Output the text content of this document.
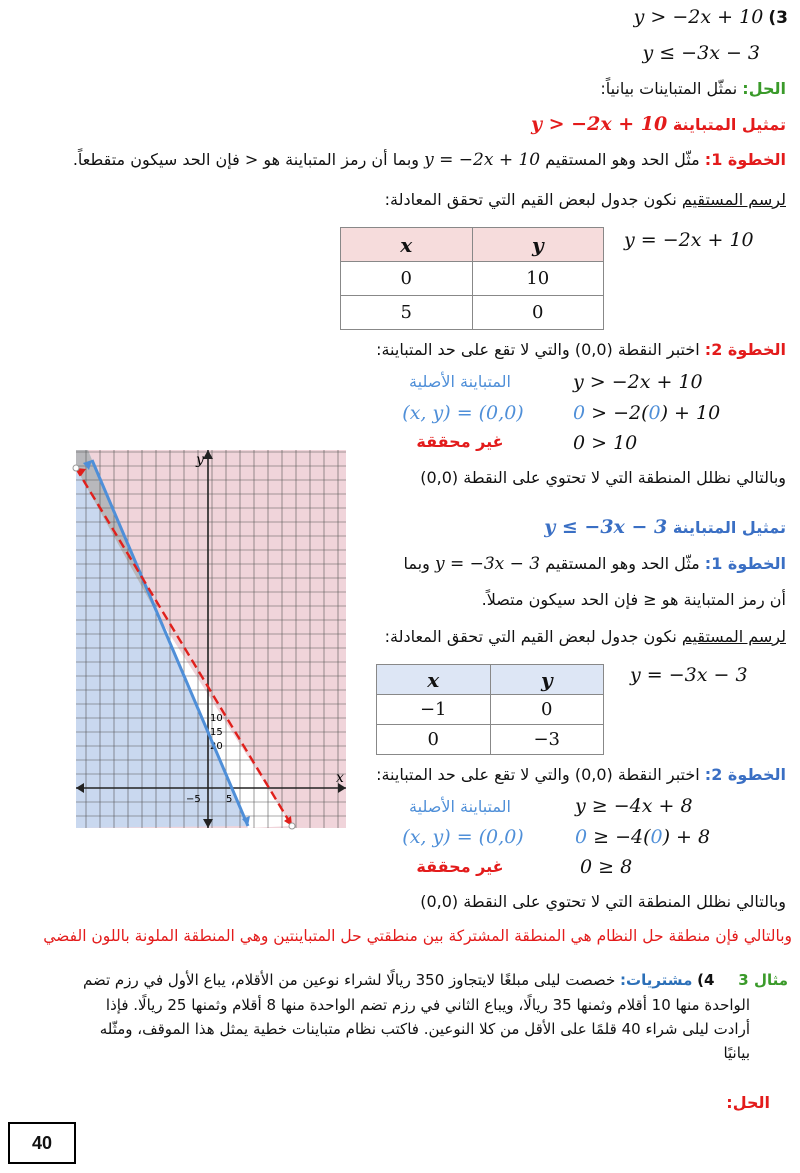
y > −2x + 10 (3
y ≤ −3x − 3
الحل: نمثّل المتباينات بيانياً:
تمثيل المتباينة y > −2x + 10
الخطوة 1: مثّل الحد وهو المستقيم y = −2x + 10 وبما أن رمز المتباينة هو < فإن الحد سيكون متقطعاً.
لرسم المستقيم نكون جدول لبعض القيم التي تحقق المعادلة:
x	y
0	10
5	0
y = −2x + 10
الخطوة 2: اختبر النقطة (0,0) والتي لا تقع على حد المتباينة:
المتباينة الأصلية	y > −2x + 10
(x, y) = (0,0)	0 > −2(0) + 10
غير محققة	0 > 10
وبالتالي نظلل المنطقة التي لا تحتوي على النقطة (0,0)
تمثيل المتباينة y ≤ −3x − 3
الخطوة 1: مثّل الحد وهو المستقيم y = −3x − 3 وبما
أن رمز المتباينة هو ≤ فإن الحد سيكون متصلاً.
لرسم المستقيم نكون جدول لبعض القيم التي تحقق المعادلة:
x	y
−1	0
0	−3
y = −3x − 3
الخطوة 2: اختبر النقطة (0,0) والتي لا تقع على حد المتباينة:
المتباينة الأصلية	y ≥ −4x + 8
(x, y) = (0,0)	0 ≥ −4(0) + 8
غير محققة	0 ≥ 8
وبالتالي نظلل المنطقة التي لا تحتوي على النقطة (0,0)
وبالتالي فإن منطقة حل النظام هي المنطقة المشتركة بين منطقتي حل المتباينتين وهي المنطقة الملونة باللون الفضي
مثال 3     4) مشتريات: خصصت ليلى مبلغًا لايتجاوز 350 ريالًا لشراء نوعين من الأقلام، يباع الأول في رزم تضم
الواحدة منها 10 أقلام وثمنها 35 ريالًا، ويباع الثاني في رزم تضم الواحدة منها 8 أقلام وثمنها 25 ريالًا. فإذا
أرادت ليلى شراء 40 قلمًا على الأقل من كلا النوعين. فاكتب نظام متباينات خطية يمثل هذا الموقف، ومثّله
بيانيًا
الحل:
40
x
y
20
15
10
−5	5
